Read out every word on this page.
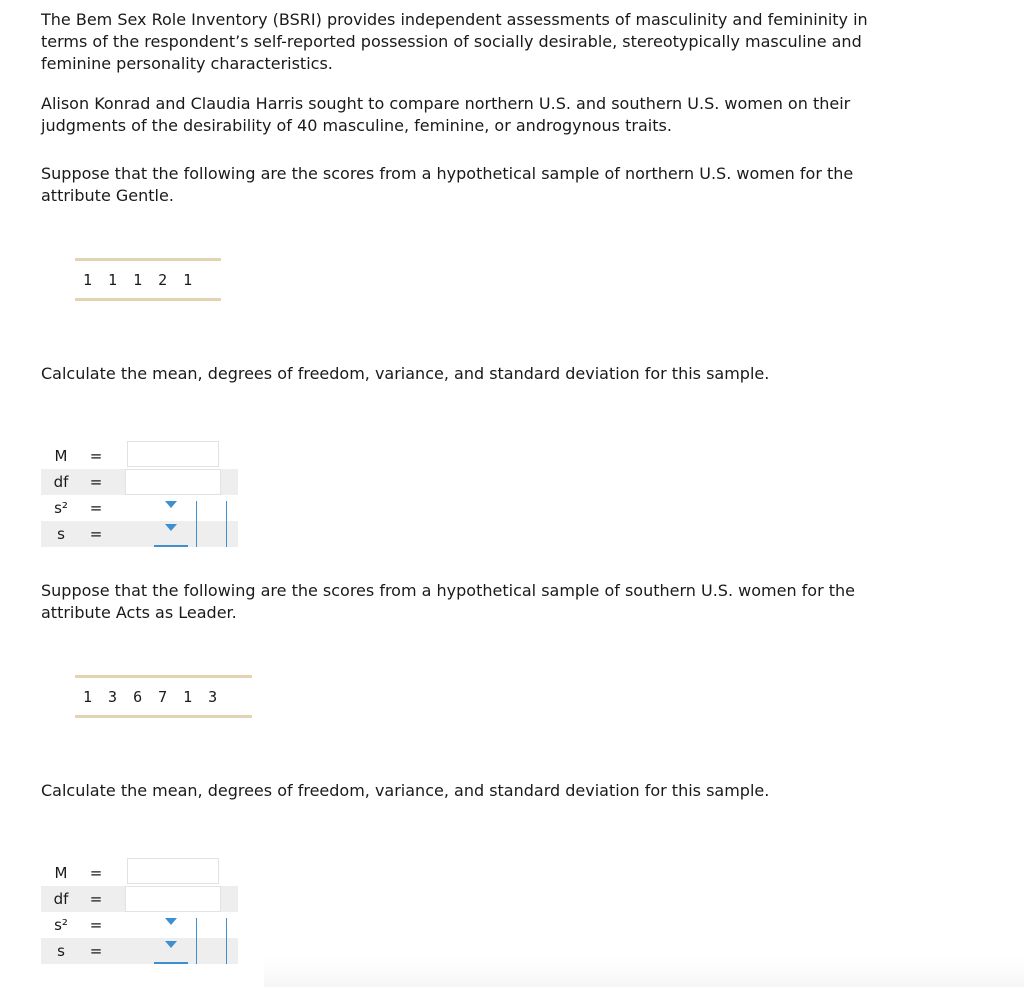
The Bem Sex Role Inventory (BSRI) provides independent assessments of masculinity and femininity in terms of the respondent’s self-reported possession of socially desirable, stereotypically masculine and feminine personality characteristics.

Alison Konrad and Claudia Harris sought to compare northern U.S. and southern U.S. women on their judgments of the desirability of 40 masculine, feminine, or androgynous traits.

Suppose that the following are the scores from a hypothetical sample of northern U.S. women for the attribute Gentle.

1 1 1 2 1

Calculate the mean, degrees of freedom, variance, and standard deviation for this sample.

M	=
df	=
s²	=
s	=

Suppose that the following are the scores from a hypothetical sample of southern U.S. women for the attribute Acts as Leader.

1 3 6 7 1 3

Calculate the mean, degrees of freedom, variance, and standard deviation for this sample.

M	=
df	=
s²	=
s	=
